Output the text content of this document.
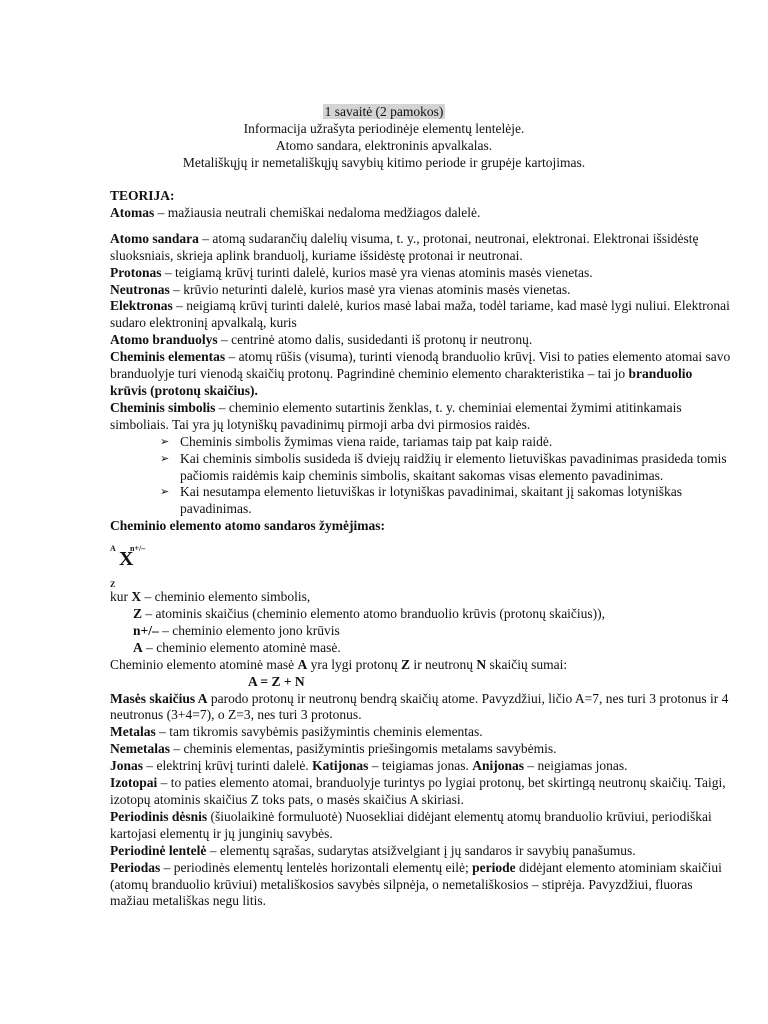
1 savaitė (2 pamokos)
Informacija užrašyta periodinėje elementų lentelėje.
Atomo sandara, elektroninis apvalkalas.
Metališkųjų ir nemetališkųjų savybių kitimo periode ir grupėje kartojimas.

TEORIJA:

Atomas – mažiausia neutrali chemiškai nedaloma medžiagos dalelė.

Atomo sandara – atomą sudarančių dalelių visuma, t. y., protonai, neutronai, elektronai. Elektronai išsidėstę sluoksniais, skrieja aplink branduolį, kuriame išsidėstę protonai ir neutronai.

Protonas – teigiamą krūvį turinti dalelė, kurios masė yra vienas atominis masės vienetas.

Neutronas – krūvio neturinti dalelė, kurios masė yra vienas atominis masės vienetas.

Elektronas – neigiamą krūvį turinti dalelė, kurios masė labai maža, todėl tariame, kad masė lygi nuliui. Elektronai sudaro elektroninį apvalkalą, kuris

Atomo branduolys – centrinė atomo dalis, susidedanti iš protonų ir neutronų.

Cheminis elementas – atomų rūšis (visuma), turinti vienodą branduolio krūvį. Visi to paties elemento atomai savo branduolyje turi vienodą skaičių protonų. Pagrindinė cheminio elemento charakteristika – tai jo branduolio krūvis (protonų skaičius).

Cheminis simbolis – cheminio elemento sutartinis ženklas, t. y. cheminiai elementai žymimi atitinkamais simboliais. Tai yra jų lotyniškų pavadinimų pirmoji arba dvi pirmosios raidės.

➢ Cheminis simbolis žymimas viena raide, tariamas taip pat kaip raidė.

➢ Kai cheminis simbolis susideda iš dviejų raidžių ir elemento lietuviškas pavadinimas prasideda tomis pačiomis raidėmis kaip cheminis simbolis, skaitant sakomas visas elemento pavadinimas.

➢ Kai nesutampa elemento lietuviškas ir lotyniškas pavadinimai, skaitant jį sakomas lotyniškas pavadinimas.

Cheminio elemento atomo sandaros žymėjimas:

A n+/–
X
Z

kur X – cheminio elemento simbolis,

Z – atominis skaičius (cheminio elemento atomo branduolio krūvis (protonų skaičius)),

n+/– – cheminio elemento jono krūvis

A – cheminio elemento atominė masė.

Cheminio elemento atominė masė A yra lygi protonų Z ir neutronų N skaičių sumai:

A = Z + N

Masės skaičius A parodo protonų ir neutronų bendrą skaičių atome. Pavyzdžiui, ličio A=7, nes turi 3 protonus ir 4 neutronus (3+4=7), o Z=3, nes turi 3 protonus.

Metalas – tam tikromis savybėmis pasižymintis cheminis elementas.

Nemetalas – cheminis elementas, pasižymintis priešingomis metalams savybėmis.

Jonas – elektrinį krūvį turinti dalelė. Katijonas – teigiamas jonas. Anijonas – neigiamas jonas.

Izotopai – to paties elemento atomai, branduolyje turintys po lygiai protonų, bet skirtingą neutronų skaičių. Taigi, izotopų atominis skaičius Z toks pats, o masės skaičius A skiriasi.

Periodinis dėsnis (šiuolaikinė formuluotė) Nuosekliai didėjant elementų atomų branduolio krūviui, periodiškai kartojasi elementų ir jų junginių savybės.

Periodinė lentelė – elementų sąrašas, sudarytas atsižvelgiant į jų sandaros ir savybių panašumus.

Periodas – periodinės elementų lentelės horizontali elementų eilė; periode didėjant elemento atominiam skaičiui (atomų branduolio krūviui) metališkosios savybės silpnėja, o nemetališkosios – stiprėja. Pavyzdžiui, fluoras mažiau metališkas negu litis.
